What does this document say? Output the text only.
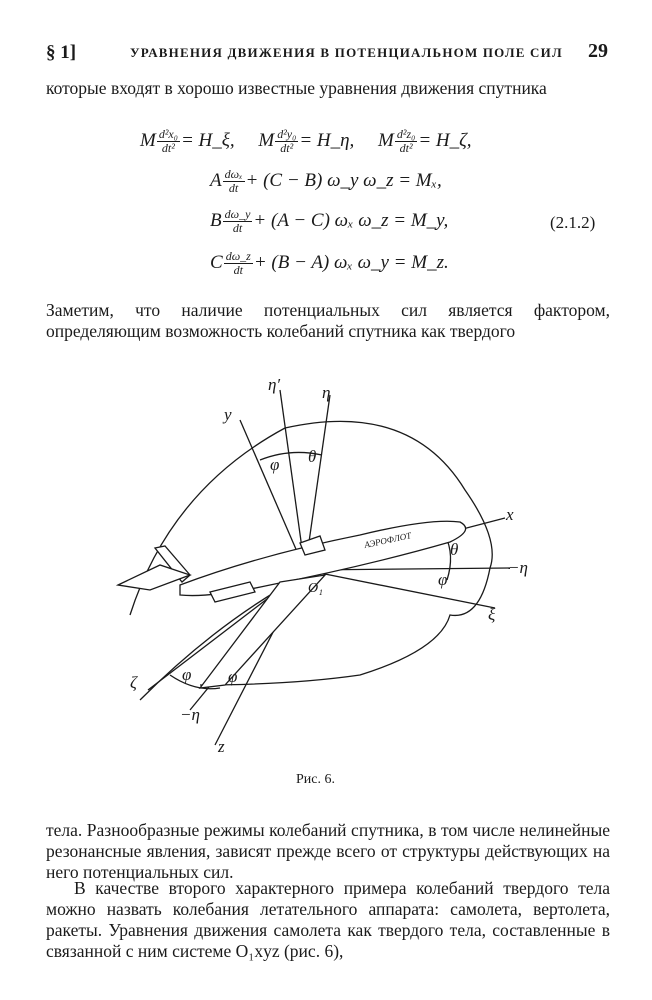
§ 1]	УРАВНЕНИЯ ДВИЖЕНИЯ В ПОТЕНЦИАЛЬНОМ ПОЛЕ СИЛ 29
которые входят в хорошо известные уравнения движения спутника
M $\frac{\text{d²x₀}}{\text{dt²}}$ = H_ξ, M $\frac{\text{d²y₀}}{\text{dt²}}$ = H_η, M $\frac{\text{d²z₀}}{\text{dt²}}$ = H_ζ,
A $\frac{\text{dωₓ}}{dt} + (C - B)$ ω_y ω_z = Mₓ,
B $\frac{d\omega\_y}{dt} + (A - C)$ ωₓ ω_z = M_y,	(2.1.2)
C $\frac{d\omega\_z}{dt} + (B - A)$ ωₓ ω_y = M_z.
Заметим, что наличие потенциальных сил является фактором, определяющим возможность колебаний спутника как твердого
АЭРОФЛОТ
y
η′ η
x
−η
ξ
ζ
−η
z
φ θ
θ
φ
φ φ
O₁
Рис. 6.
тела. Разнообразные режимы колебаний спутника, в том числе нелинейные резонансные явления, зависят прежде всего от структуры действующих на него потенциальных сил.
В качестве второго характерного примера колебаний твердого тела можно назвать колебания летательного аппарата: самолета, вертолета, ракеты. Уравнения движения самолета как твердого тела, составленные в связанной с ним системе O₁xyz (рис. 6),
